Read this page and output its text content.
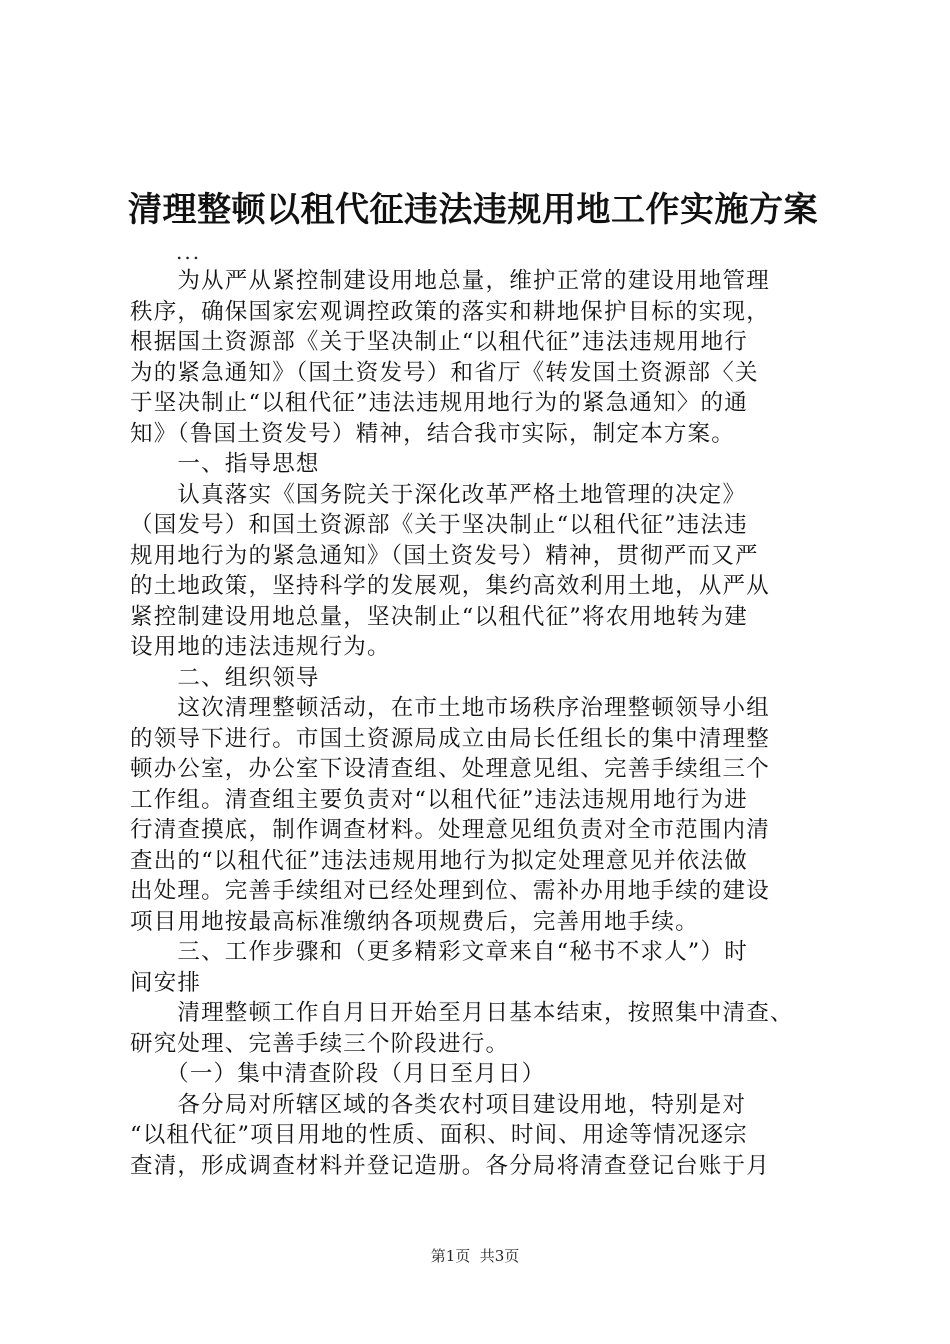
清理整顿以租代征违法违规用地工作实施方案
...
　　为从严从紧控制建设用地总量，维护正常的建设用地管理
秩序，确保国家宏观调控政策的落实和耕地保护目标的实现，
根据国土资源部《关于坚决制止“以租代征”违法违规用地行
为的紧急通知》（国土资发号）和省厅《转发国土资源部〈关
于坚决制止“以租代征”违法违规用地行为的紧急通知〉的通
知》（鲁国土资发号）精神，结合我市实际，制定本方案。
　　一、指导思想
　　认真落实《国务院关于深化改革严格土地管理的决定》
（国发号）和国土资源部《关于坚决制止“以租代征”违法违
规用地行为的紧急通知》（国土资发号）精神，贯彻严而又严
的土地政策，坚持科学的发展观，集约高效利用土地，从严从
紧控制建设用地总量，坚决制止“以租代征”将农用地转为建
设用地的违法违规行为。
　　二、组织领导
　　这次清理整顿活动，在市土地市场秩序治理整顿领导小组
的领导下进行。市国土资源局成立由局长任组长的集中清理整
顿办公室，办公室下设清查组、处理意见组、完善手续组三个
工作组。清查组主要负责对“以租代征”违法违规用地行为进
行清查摸底，制作调查材料。处理意见组负责对全市范围内清
查出的“以租代征”违法违规用地行为拟定处理意见并依法做
出处理。完善手续组对已经处理到位、需补办用地手续的建设
项目用地按最高标准缴纳各项规费后，完善用地手续。
　　三、工作步骤和（更多精彩文章来自“秘书不求人”）时
间安排
　　清理整顿工作自月日开始至月日基本结束，按照集中清查、
研究处理、完善手续三个阶段进行。
　　（一）集中清查阶段（月日至月日）
　　各分局对所辖区域的各类农村项目建设用地，特别是对
“以租代征”项目用地的性质、面积、时间、用途等情况逐宗
查清，形成调查材料并登记造册。各分局将清查登记台账于月
第1页  共3页
